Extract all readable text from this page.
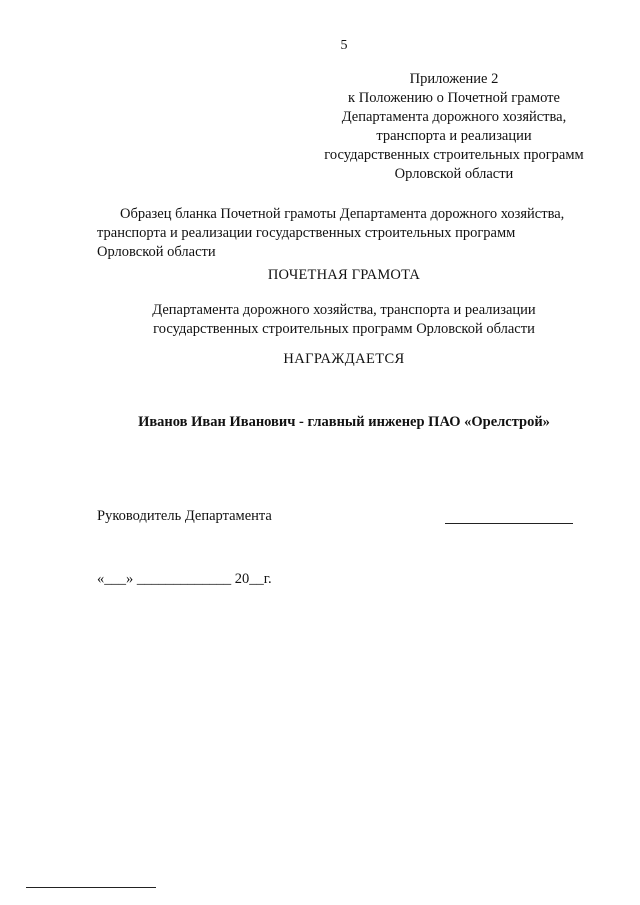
5
Приложение 2
к Положению о Почетной грамоте
Департамента дорожного хозяйства,
транспорта и реализации
государственных строительных программ
Орловской области
Образец бланка Почетной грамоты Департамента дорожного хозяйства,
транспорта и реализации государственных строительных программ
Орловской области
ПОЧЕТНАЯ ГРАМОТА
Департамента дорожного хозяйства, транспорта и реализации
государственных строительных программ Орловской области
НАГРАЖДАЕТСЯ
Иванов Иван Иванович - главный инженер ПАО «Орелстрой»
Руководитель Департамента
«___» _____________ 20__г.
